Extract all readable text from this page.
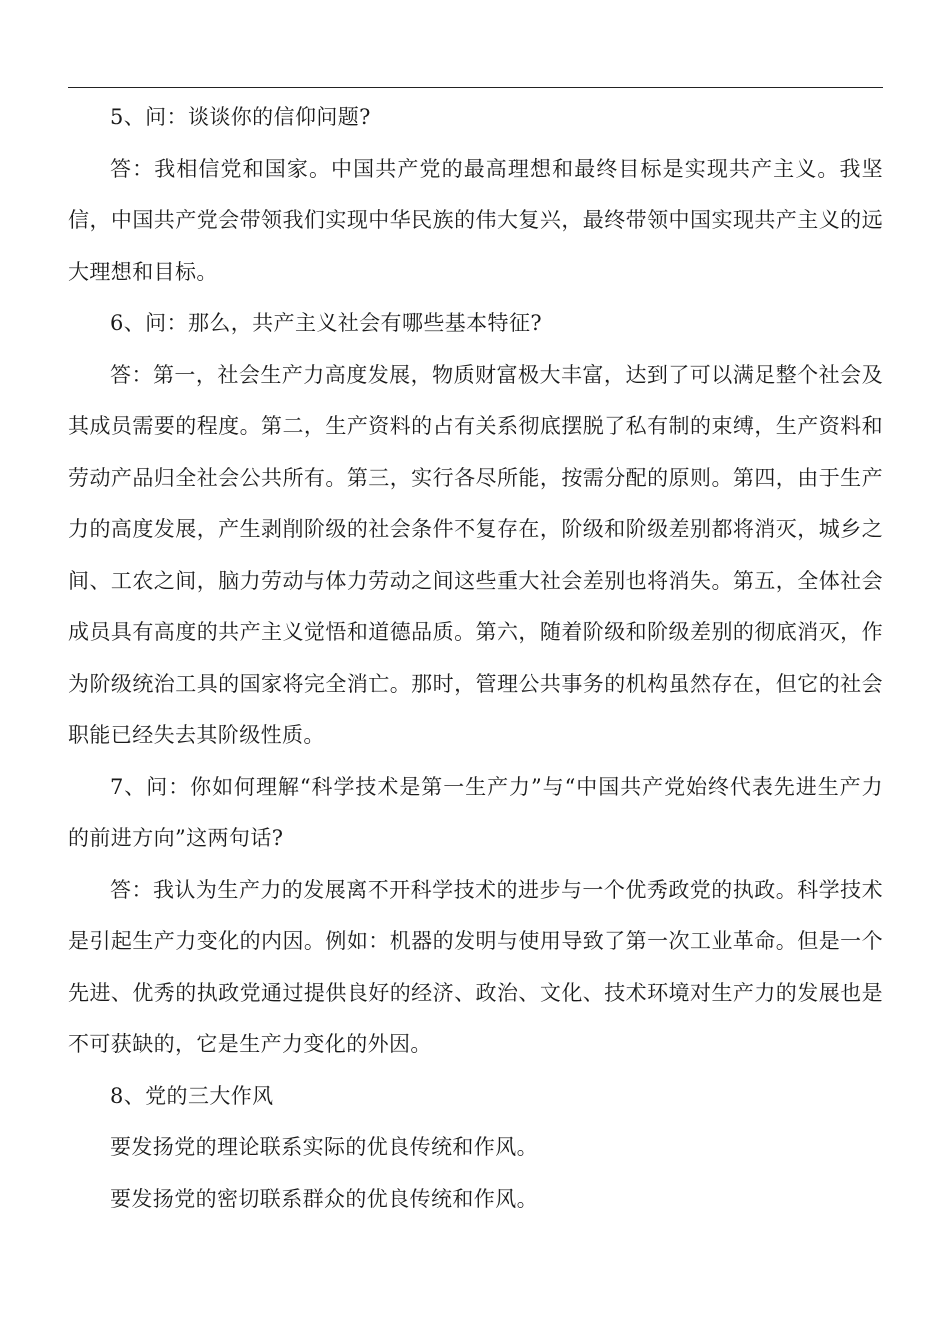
5、问：谈谈你的信仰问题?

答：我相信党和国家。中国共产党的最高理想和最终目标是实现共产主义。我坚信，中国共产党会带领我们实现中华民族的伟大复兴，最终带领中国实现共产主义的远大理想和目标。

6、问：那么，共产主义社会有哪些基本特征?

答：第一，社会生产力高度发展，物质财富极大丰富，达到了可以满足整个社会及其成员需要的程度。第二，生产资料的占有关系彻底摆脱了私有制的束缚，生产资料和劳动产品归全社会公共所有。第三，实行各尽所能，按需分配的原则。第四，由于生产力的高度发展，产生剥削阶级的社会条件不复存在，阶级和阶级差别都将消灭，城乡之间、工农之间，脑力劳动与体力劳动之间这些重大社会差别也将消失。第五，全体社会成员具有高度的共产主义觉悟和道德品质。第六，随着阶级和阶级差别的彻底消灭，作为阶级统治工具的国家将完全消亡。那时，管理公共事务的机构虽然存在，但它的社会职能已经失去其阶级性质。

7、问：你如何理解“科学技术是第一生产力”与“中国共产党始终代表先进生产力的前进方向”这两句话?

答：我认为生产力的发展离不开科学技术的进步与一个优秀政党的执政。科学技术是引起生产力变化的内因。例如：机器的发明与使用导致了第一次工业革命。但是一个先进、优秀的执政党通过提供良好的经济、政治、文化、技术环境对生产力的发展也是不可获缺的，它是生产力变化的外因。

8、党的三大作风

要发扬党的理论联系实际的优良传统和作风。

要发扬党的密切联系群众的优良传统和作风。
